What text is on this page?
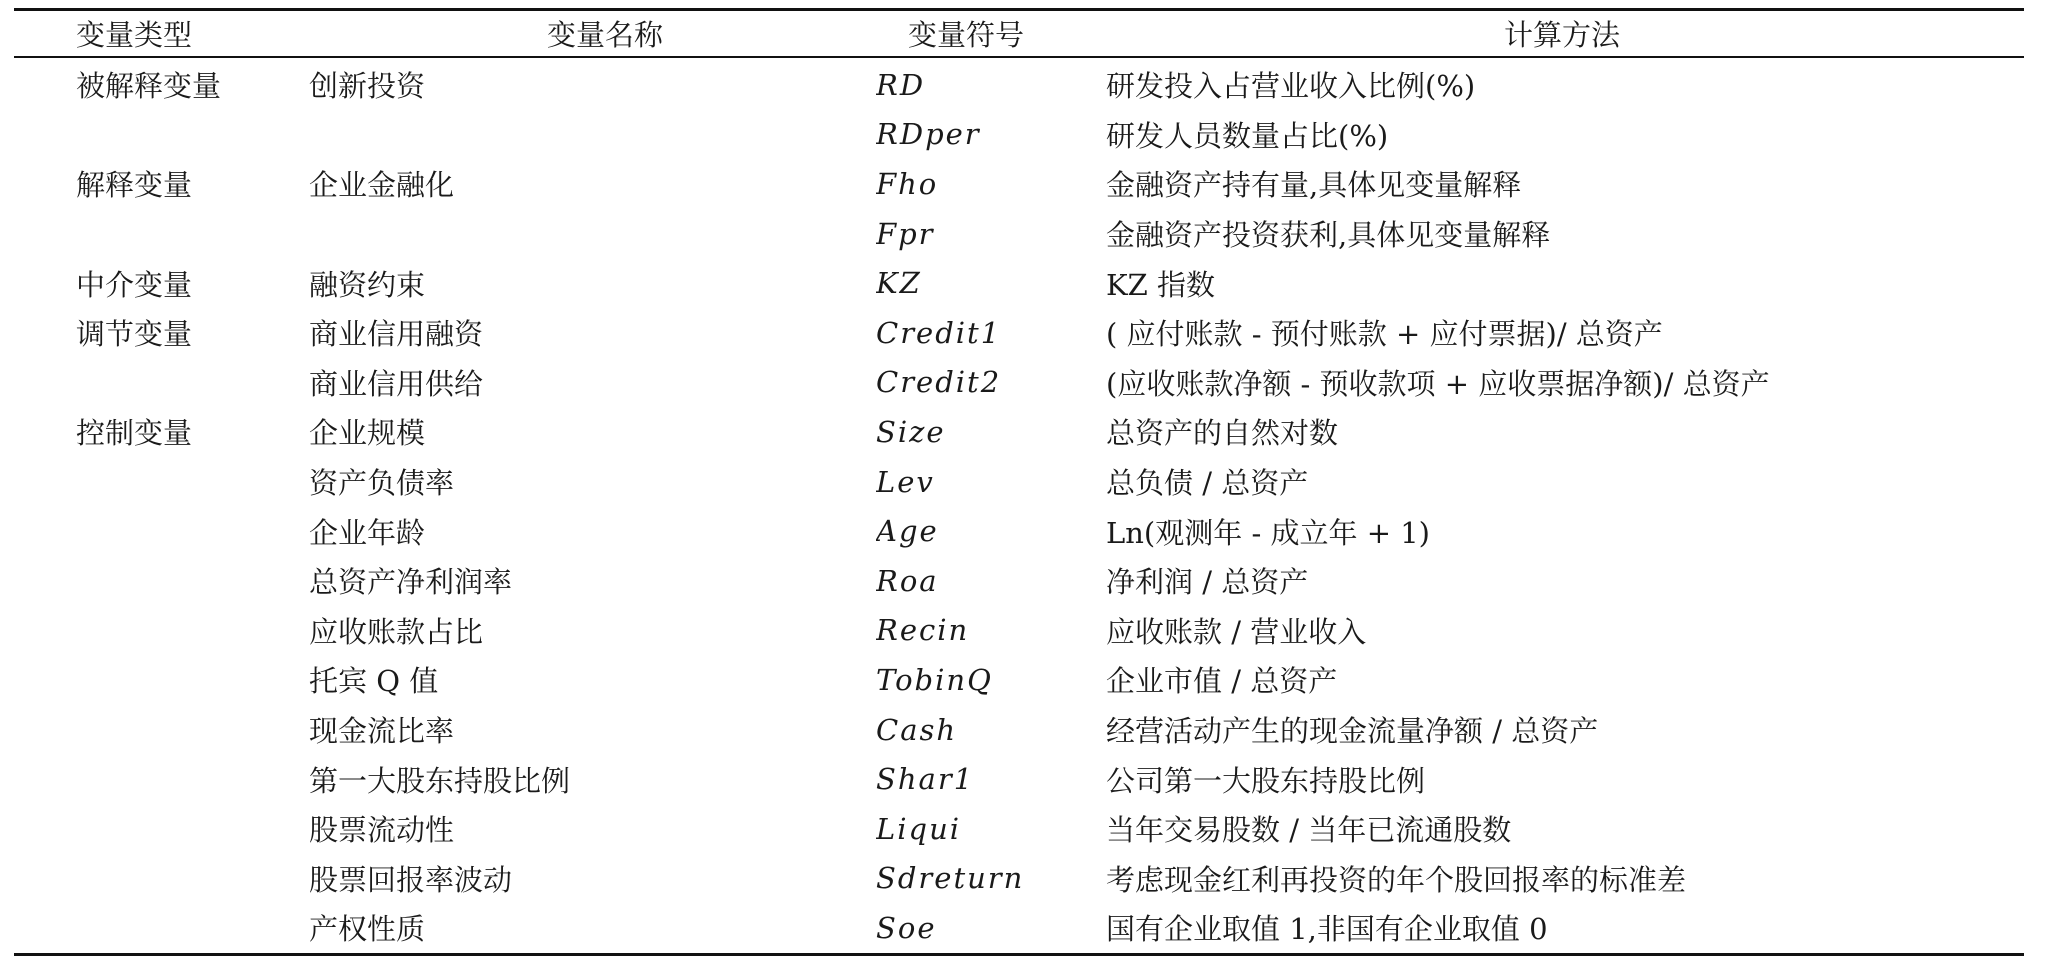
变量类型	变量名称	变量符号	计算方法
被解释变量	创新投资	RD	研发投入占营业收入比例(%)
		RDper	研发人员数量占比(%)
解释变量	企业金融化	Fho	金融资产持有量,具体见变量解释
		Fpr	金融资产投资获利,具体见变量解释
中介变量	融资约束	KZ	KZ 指数
调节变量	商业信用融资	Credit1	( 应付账款 - 预付账款 + 应付票据)/ 总资产
	商业信用供给	Credit2	(应收账款净额 - 预收款项 + 应收票据净额)/ 总资产
控制变量	企业规模	Size	总资产的自然对数
	资产负债率	Lev	总负债 / 总资产
	企业年龄	Age	Ln(观测年 - 成立年 + 1)
	总资产净利润率	Roa	净利润 / 总资产
	应收账款占比	Recin	应收账款 / 营业收入
	托宾 Q 值	TobinQ	企业市值 / 总资产
	现金流比率	Cash	经营活动产生的现金流量净额 / 总资产
	第一大股东持股比例	Shar1	公司第一大股东持股比例
	股票流动性	Liqui	当年交易股数 / 当年已流通股数
	股票回报率波动	Sdreturn	考虑现金红利再投资的年个股回报率的标准差
	产权性质	Soe	国有企业取值 1,非国有企业取值 0
